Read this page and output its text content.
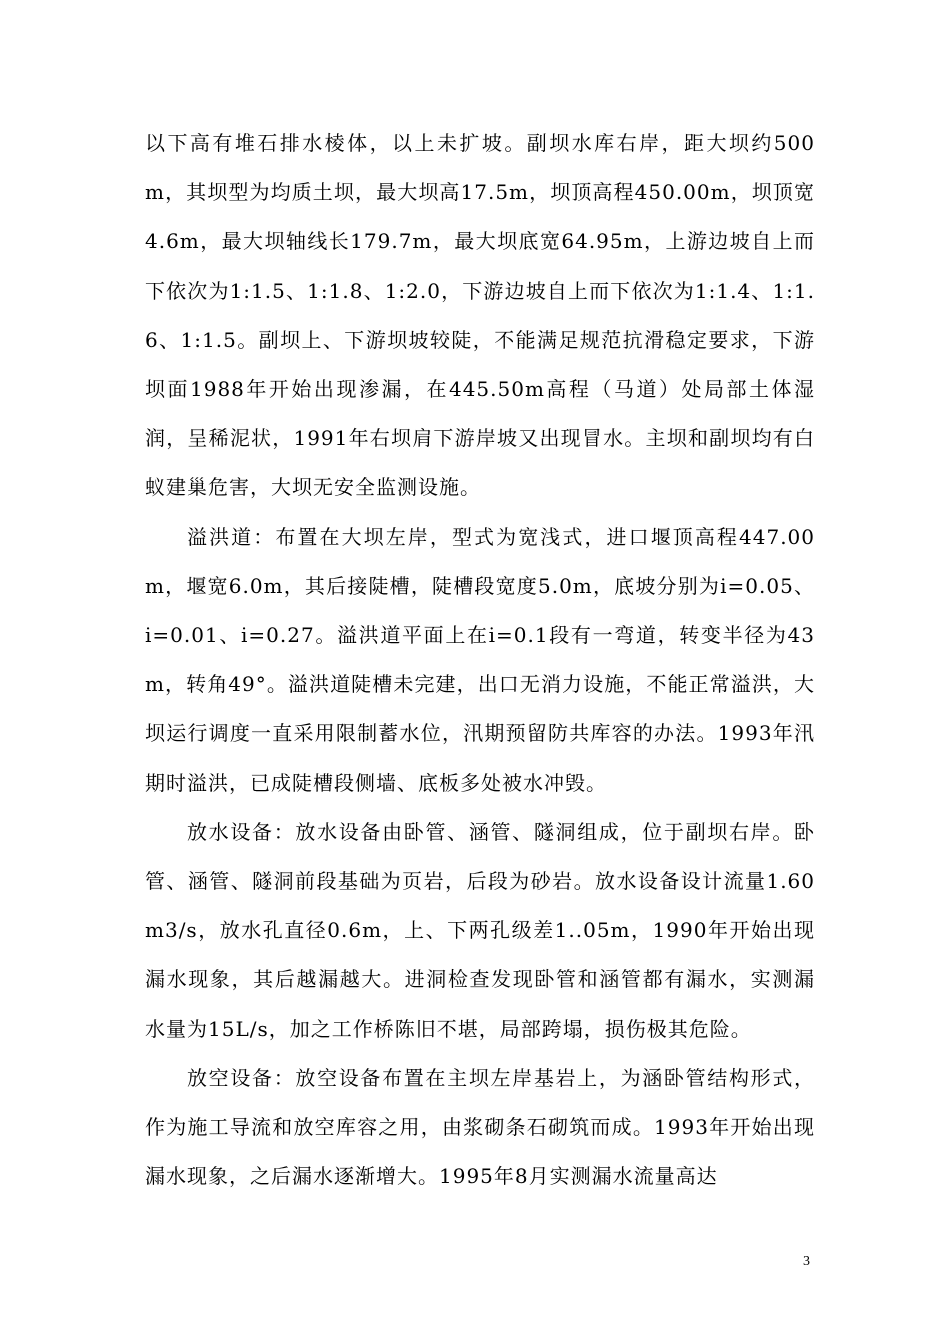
以下高有堆石排水棱体，以上未扩坡。副坝水库右岸，距大坝约500m，其坝型为均质土坝，最大坝高17.5m，坝顶高程450.00m，坝顶宽4.6m，最大坝轴线长179.7m，最大坝底宽64.95m，上游边坡自上而下依次为1:1.5、1:1.8、1:2.0，下游边坡自上而下依次为1:1.4、1:1.6、1:1.5。副坝上、下游坝坡较陡，不能满足规范抗滑稳定要求，下游坝面1988年开始出现渗漏，在445.50m高程（马道）处局部土体湿润，呈稀泥状，1991年右坝肩下游岸坡又出现冒水。主坝和副坝均有白蚁建巢危害，大坝无安全监测设施。

溢洪道：布置在大坝左岸，型式为宽浅式，进口堰顶高程447.00m，堰宽6.0m，其后接陡槽，陡槽段宽度5.0m，底坡分别为i=0.05、i=0.01、i=0.27。溢洪道平面上在i=0.1段有一弯道，转变半径为43m，转角49°。溢洪道陡槽未完建，出口无消力设施，不能正常溢洪，大坝运行调度一直采用限制蓄水位，汛期预留防共库容的办法。1993年汛期时溢洪，已成陡槽段侧墙、底板多处被水冲毁。

放水设备：放水设备由卧管、涵管、隧洞组成，位于副坝右岸。卧管、涵管、隧洞前段基础为页岩，后段为砂岩。放水设备设计流量1.60m3/s，放水孔直径0.6m，上、下两孔级差1..05m，1990年开始出现漏水现象，其后越漏越大。进洞检查发现卧管和涵管都有漏水，实测漏水量为15L/s，加之工作桥陈旧不堪，局部跨塌，损伤极其危险。

放空设备：放空设备布置在主坝左岸基岩上，为涵卧管结构形式，作为施工导流和放空库容之用，由浆砌条石砌筑而成。1993年开始出现漏水现象，之后漏水逐渐增大。1995年8月实测漏水流量高达

3
